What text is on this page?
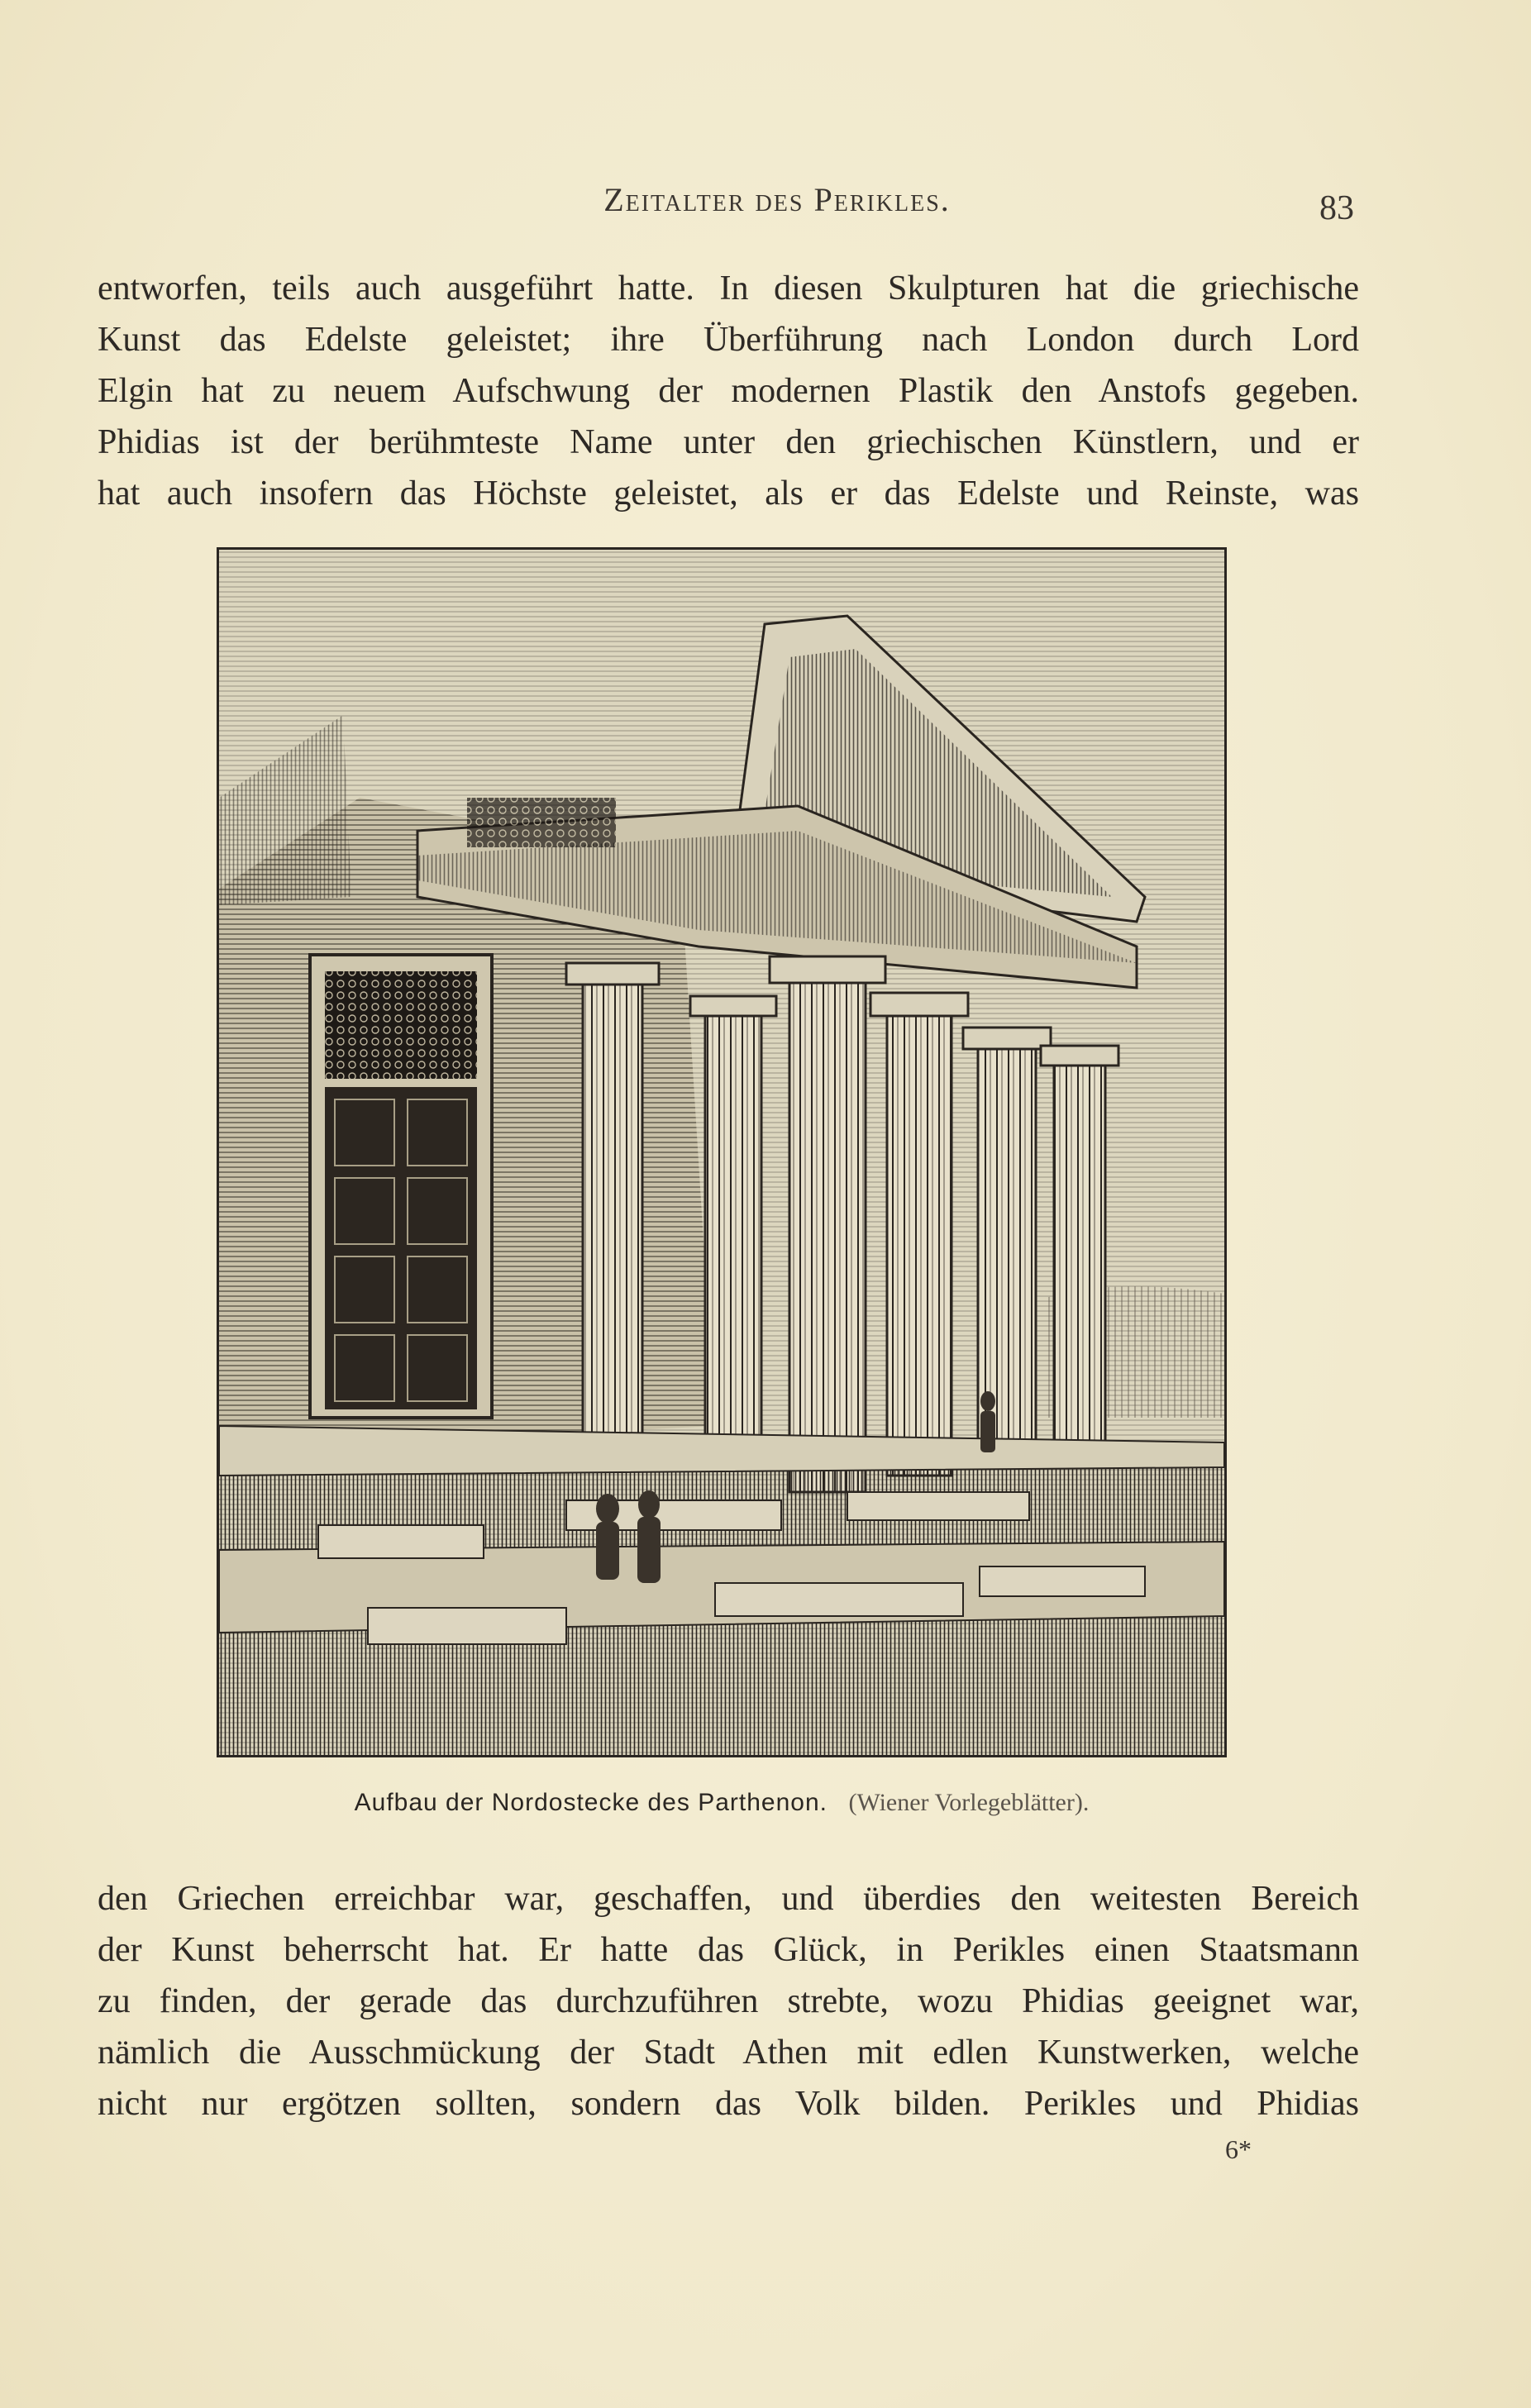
Zeitalter des Perikles.	83
entworfen, teils auch ausgeführt hatte. In diesen Skulpturen hat die griechische
Kunst das Edelste geleistet; ihre Überführung nach London durch Lord
Elgin hat zu neuem Aufschwung der modernen Plastik den Anstofs gegeben.
Phidias ist der berühmteste Name unter den griechischen Künstlern, und er
hat auch insofern das Höchste geleistet, als er das Edelste und Reinste, was
Aufbau der Nordostecke des Parthenon. (Wiener Vorlegeblätter).
den Griechen erreichbar war, geschaffen, und überdies den weitesten Bereich
der Kunst beherrscht hat. Er hatte das Glück, in Perikles einen Staatsmann
zu finden, der gerade das durchzuführen strebte, wozu Phidias geeignet war,
nämlich die Ausschmückung der Stadt Athen mit edlen Kunstwerken, welche
nicht nur ergötzen sollten, sondern das Volk bilden. Perikles und Phidias
6*
